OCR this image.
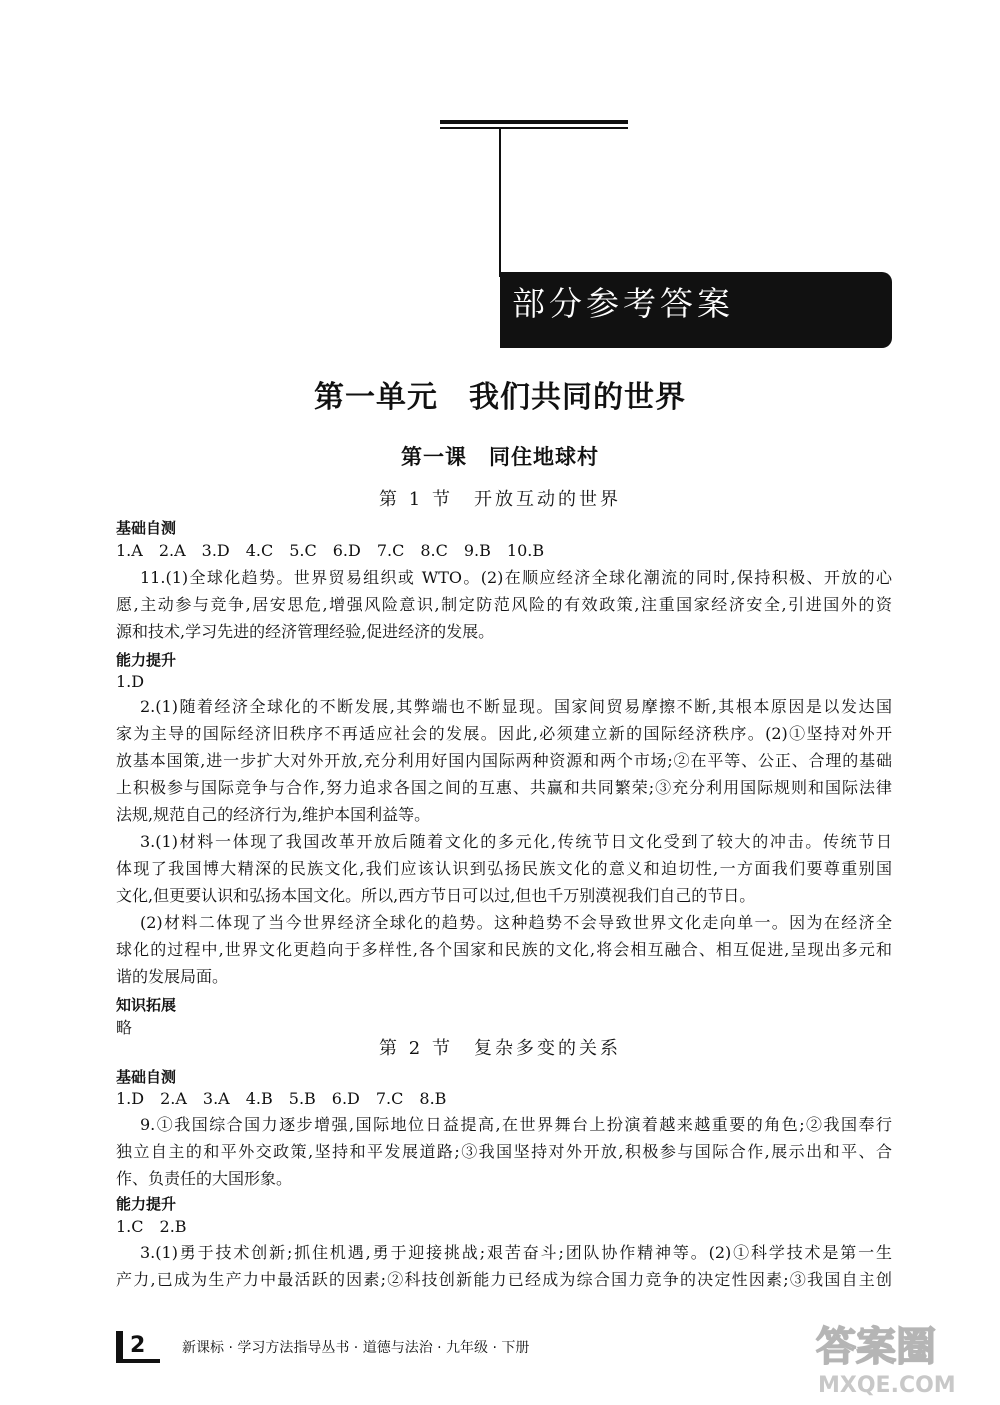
部分参考答案
第一单元　我们共同的世界
第一课　同住地球村
第 1 节　开放互动的世界
基础自测
1.A　2.A　3.D　4.C　5.C　6.D　7.C　8.C　9.B　10.B
11.(1)全球化趋势。世界贸易组织或 WTO。(2)在顺应经济全球化潮流的同时,保持积极、开放的心
愿,主动参与竞争,居安思危,增强风险意识,制定防范风险的有效政策,注重国家经济安全,引进国外的资
源和技术,学习先进的经济管理经验,促进经济的发展。
能力提升
1.D
2.(1)随着经济全球化的不断发展,其弊端也不断显现。国家间贸易摩擦不断,其根本原因是以发达国
家为主导的国际经济旧秩序不再适应社会的发展。因此,必须建立新的国际经济秩序。(2)①坚持对外开
放基本国策,进一步扩大对外开放,充分利用好国内国际两种资源和两个市场;②在平等、公正、合理的基础
上积极参与国际竞争与合作,努力追求各国之间的互惠、共赢和共同繁荣;③充分利用国际规则和国际法律
法规,规范自己的经济行为,维护本国利益等。
3.(1)材料一体现了我国改革开放后随着文化的多元化,传统节日文化受到了较大的冲击。传统节日
体现了我国博大精深的民族文化,我们应该认识到弘扬民族文化的意义和迫切性,一方面我们要尊重别国
文化,但更要认识和弘扬本国文化。所以,西方节日可以过,但也千万别漠视我们自己的节日。
(2)材料二体现了当今世界经济全球化的趋势。这种趋势不会导致世界文化走向单一。因为在经济全
球化的过程中,世界文化更趋向于多样性,各个国家和民族的文化,将会相互融合、相互促进,呈现出多元和
谐的发展局面。
知识拓展
略
第 2 节　复杂多变的关系
基础自测
1.D　2.A　3.A　4.B　5.B　6.D　7.C　8.B
9.①我国综合国力逐步增强,国际地位日益提高,在世界舞台上扮演着越来越重要的角色;②我国奉行
独立自主的和平外交政策,坚持和平发展道路;③我国坚持对外开放,积极参与国际合作,展示出和平、合
作、负责任的大国形象。
能力提升
1.C　2.B
3.(1)勇于技术创新;抓住机遇,勇于迎接挑战;艰苦奋斗;团队协作精神等。(2)①科学技术是第一生
产力,已成为生产力中最活跃的因素;②科技创新能力已经成为综合国力竞争的决定性因素;③我国自主创
2	新课标 · 学习方法指导丛书 · 道德与法治 · 九年级 · 下册	答案圈
MXQE.COM
